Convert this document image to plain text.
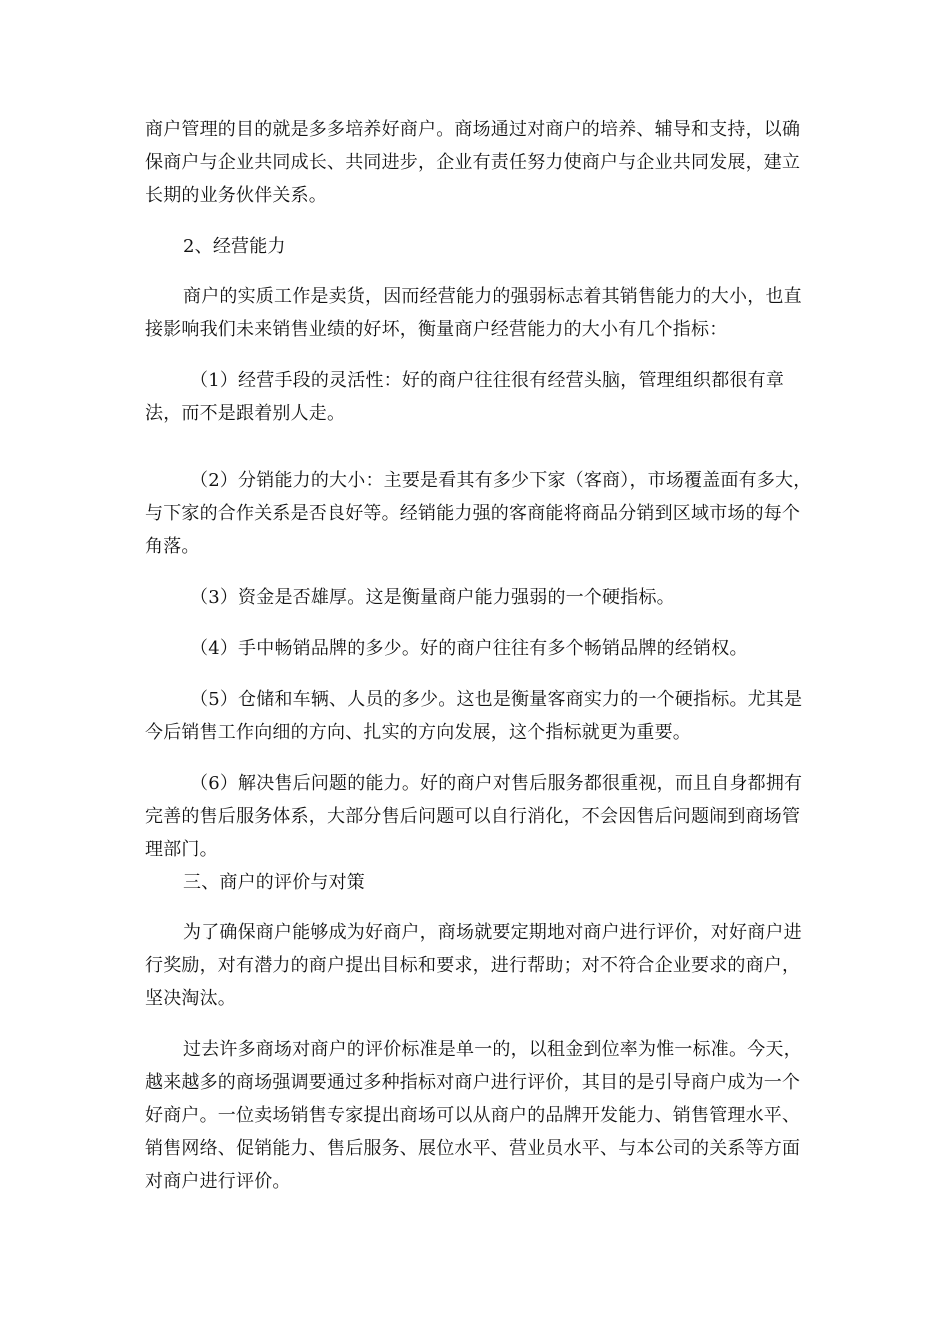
商户管理的目的就是多多培养好商户。商场通过对商户的培养、辅导和支持，以确保商户与企业共同成长、共同进步，企业有责任努力使商户与企业共同发展，建立长期的业务伙伴关系。

2、经营能力

商户的实质工作是卖货，因而经营能力的强弱标志着其销售能力的大小，也直接影响我们未来销售业绩的好坏，衡量商户经营能力的大小有几个指标：

（1）经营手段的灵活性：好的商户往往很有经营头脑，管理组织都很有章法，而不是跟着别人走。

（2）分销能力的大小：主要是看其有多少下家（客商），市场覆盖面有多大，与下家的合作关系是否良好等。经销能力强的客商能将商品分销到区域市场的每个角落。

（3）资金是否雄厚。这是衡量商户能力强弱的一个硬指标。

（4）手中畅销品牌的多少。好的商户往往有多个畅销品牌的经销权。

（5）仓储和车辆、人员的多少。这也是衡量客商实力的一个硬指标。尤其是今后销售工作向细的方向、扎实的方向发展，这个指标就更为重要。

（6）解决售后问题的能力。好的商户对售后服务都很重视，而且自身都拥有完善的售后服务体系，大部分售后问题可以自行消化，不会因售后问题闹到商场管理部门。

三、商户的评价与对策

为了确保商户能够成为好商户，商场就要定期地对商户进行评价，对好商户进行奖励，对有潜力的商户提出目标和要求，进行帮助；对不符合企业要求的商户，坚决淘汰。

过去许多商场对商户的评价标准是单一的，以租金到位率为惟一标准。今天，越来越多的商场强调要通过多种指标对商户进行评价，其目的是引导商户成为一个好商户。一位卖场销售专家提出商场可以从商户的品牌开发能力、销售管理水平、销售网络、促销能力、售后服务、展位水平、营业员水平、与本公司的关系等方面对商户进行评价。
